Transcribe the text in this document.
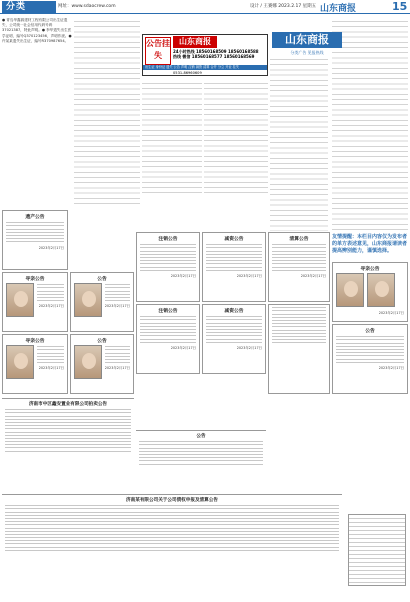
分类	网址：www.sdaocrew.com	设计 / 王赛娜 2023.2.17 星期五 山东商报	15
● 青岛华鑫源建材工程有限公司出生证遗失，公司统一社会信用代码号码37021387，特此声明。● 李华遗失出生医学证明，编号Q370123456，声明作废。● 许某某遗失出生证，编号R370987654。	公告挂失
山东商报
24小时热线 18560168509 18560168588
热线 微信 18560168577 18560168569
出生证 身份证 遗失 公告 声明 注销 减资 清算 合并 分立 开业 挂失
0531-86960609
山东商报
分类广告 见报热线
友情提醒：本栏目内容仅为发布者的单方表述意见，山东商报请读者提高辨别能力，谨慎选择。
遗产公告
2023年2月17日
寻亲公告
2023年2月17日
公告
2023年2月17日
寻亲公告
2023年2月17日
公告
2023年2月17日
注销公告
2023年2月17日
减资公告
2023年2月17日
清算公告
2023年2月17日
注销公告
2023年2月17日
减资公告
2023年2月17日
寻亲公告
2023年2月17日
公告
2023年2月17日
济南市中区鑫安置业有限公司拍卖公告
公告
济南某有限公司关于公司债权申报及清算公告
